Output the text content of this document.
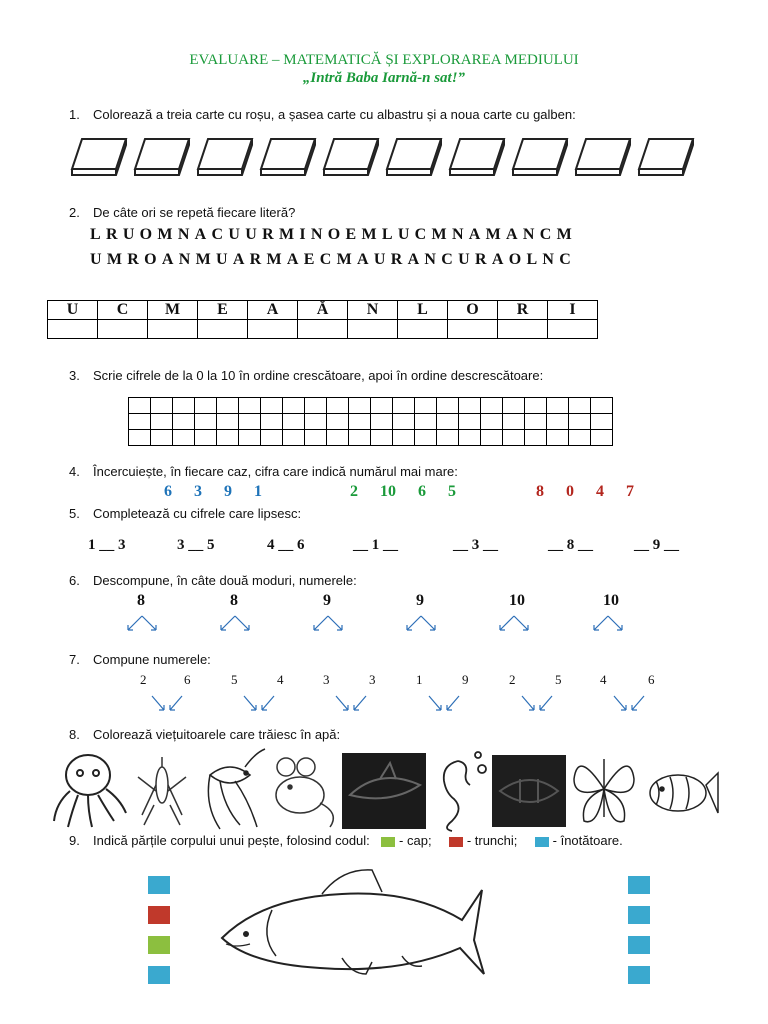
EVALUARE – MATEMATICĂ ȘI EXPLORAREA MEDIULUI
„Intră Baba Iarnă-n sat!”
1. Colorează a treia carte cu roșu, a șasea carte cu albastru și a noua carte cu galben:
2. De câte ori se repetă fiecare literă?
LRUOMNACUURMINOEMLUCMNAMANCM
UMROANMUARMAECMAURANCURAOLNC
U	C	M	E	A	Ă	N	L	O	R	I

3. Scrie cifrele de la 0 la 10 în ordine crescătoare, apoi în ordine descrescătoare:

4. Încercuiește, în fiecare caz, cifra care indică numărul mai mare:
6 3 9 1	2 10 6 5	8 0 4 7
5. Completează cu cifrele care lipsesc:
1 __ 3	3 __ 5	4 __ 6	__ 1 __	__ 3 __	__ 8 __	__ 9 __
6. Descompune, în câte două moduri, numerele:
8	8	9	9	10	10
7. Compune numerele:
2	6	5	4	3	3	1	9	2	5	4	6
8. Colorează viețuitoarele care trăiesc în apă:
9. Indică părțile corpului unui pește, folosind codul: - cap;	- trunchi;	- înotătoare.
